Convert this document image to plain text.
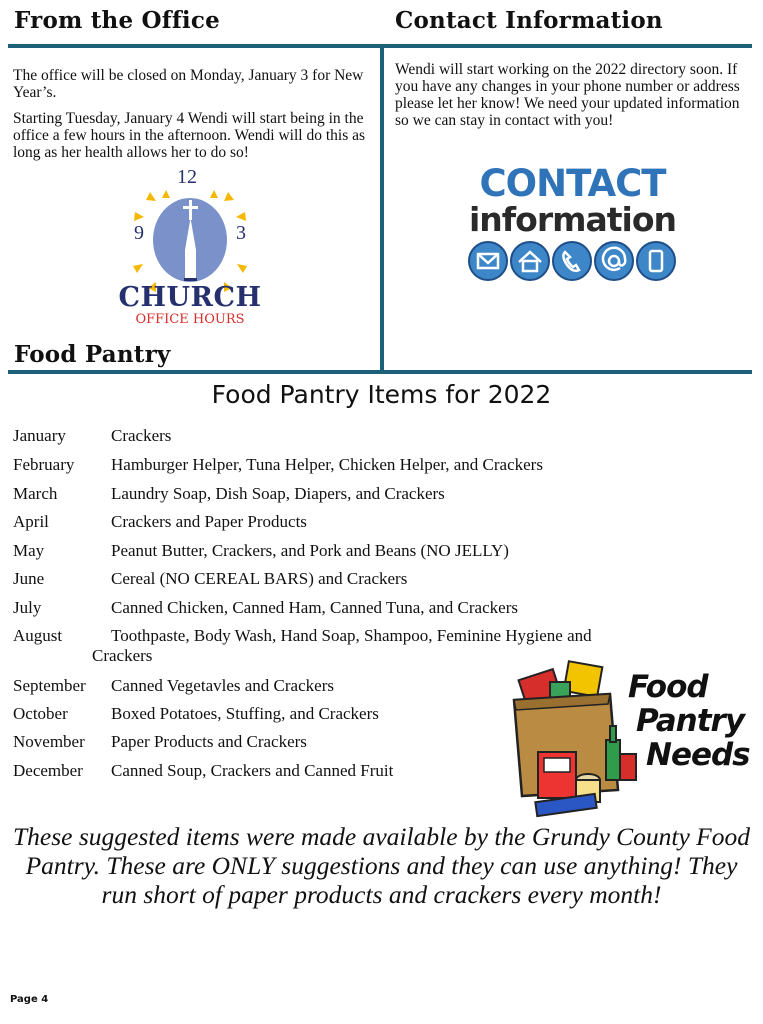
From the Office	Contact Information

The office will be closed on Monday, January 3 for New Year’s.

Starting Tuesday, January 4 Wendi will start being in the office a few hours in the afternoon. Wendi will do this as long as her health allows her to do so!

12
9	3
CHURCH
OFFICE HOURS

Wendi will start working on the 2022 directory soon. If you have any changes in your phone number or address please let her know! We need your updated information so we can stay in contact with you!

CONTACT
information
Food Pantry
Food Pantry Items for 2022
January	Crackers
February Hamburger Helper, Tuna Helper, Chicken Helper, and Crackers
March	Laundry Soap, Dish Soap, Diapers, and Crackers
April	Crackers and Paper Products
May	Peanut Butter, Crackers, and Pork and Beans (NO JELLY)
June	Cereal (NO CEREAL BARS) and Crackers
July	Canned Chicken, Canned Ham, Canned Tuna, and Crackers
August	Toothpaste, Body Wash, Hand Soap, Shampoo, Feminine Hygiene and
Crackers
September Canned Vegetavles and Crackers
October	Boxed Potatoes, Stuffing, and Crackers
November Paper Products and Crackers
December Canned Soup, Crackers and Canned Fruit
Food
Pantry
Needs

These suggested items were made available by the Grundy County Food Pantry. These are ONLY suggestions and they can use anything! They run short of paper products and crackers every month!

Page 4
